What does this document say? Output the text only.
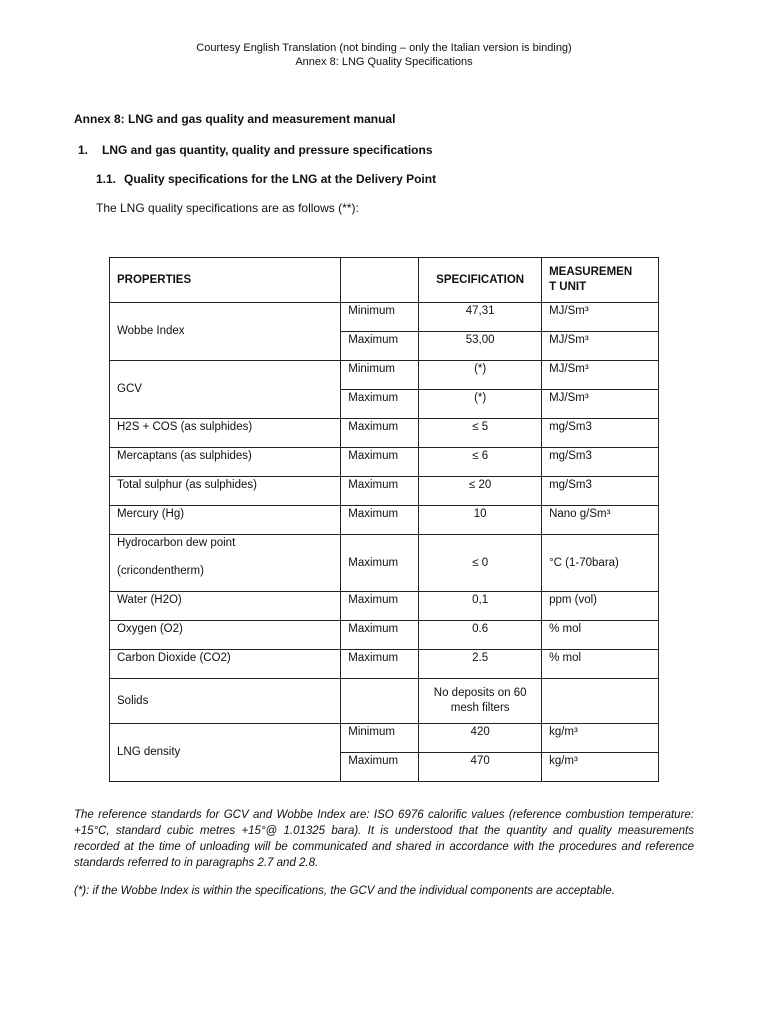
Courtesy English Translation (not binding – only the Italian version is binding)
Annex 8: LNG Quality Specifications
Annex 8: LNG and gas quality and measurement manual
1. LNG and gas quantity, quality and pressure specifications
1.1. Quality specifications for the LNG at the Delivery Point
The LNG quality specifications are as follows (**):
PROPERTIES		SPECIFICATION	MEASUREMEN
T UNIT
Wobbe Index	Minimum	47,31	MJ/Sm³
	Maximum	53,00	MJ/Sm³
GCV	Minimum	(*)	MJ/Sm³
	Maximum	(*)	MJ/Sm³
H2S + COS (as sulphides)	Maximum	≤ 5	mg/Sm3
Mercaptans (as sulphides)	Maximum	≤ 6	mg/Sm3
Total sulphur (as sulphides)	Maximum	≤ 20	mg/Sm3
Mercury (Hg)	Maximum	10	Nano g/Sm³
Hydrocarbon dew point
(cricondentherm)	Maximum	≤ 0	°C (1-70bara)
Water (H2O)	Maximum	0,1	ppm (vol)
Oxygen (O2)	Maximum	0.6	% mol
Carbon Dioxide (CO2)	Maximum	2.5	% mol
Solids		No deposits on 60
mesh filters	
LNG density	Minimum	420	kg/m³
	Maximum	470	kg/m³

The reference standards for GCV and Wobbe Index are: ISO 6976 calorific values (reference combustion temperature: +15°C, standard cubic metres +15°@ 1.01325 bara). It is understood that the quantity and quality measurements recorded at the time of unloading will be communicated and shared in accordance with the procedures and reference standards referred to in paragraphs 2.7 and 2.8.

(*): if the Wobbe Index is within the specifications, the GCV and the individual components are acceptable.
